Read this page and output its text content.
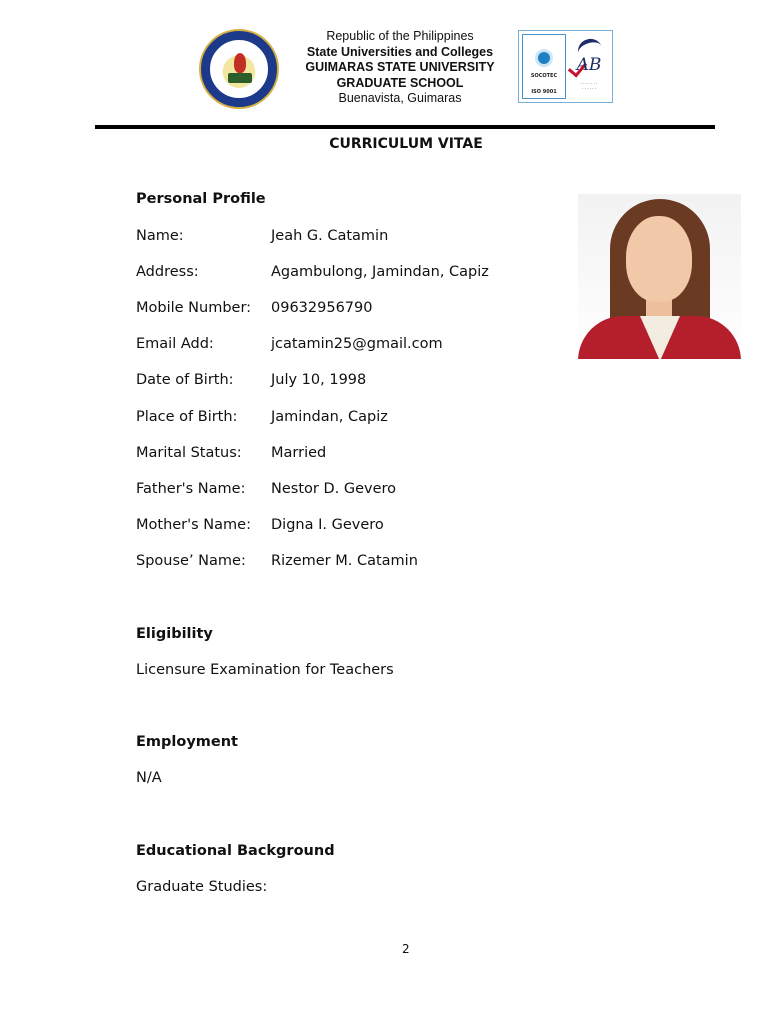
Republic of the Philippines
State Universities and Colleges
GUIMARAS STATE UNIVERSITY
GRADUATE SCHOOL
Buenavista, Guimaras
SOCOTEC
ISO 9001
AB
· · · · · · ·
· · · · · ·
CURRICULUM VITAE
Personal Profile
Name:	Jeah G. Catamin
Address:	Agambulong, Jamindan, Capiz
Mobile Number: 09632956790
Email Add:	jcatamin25@gmail.com
Date of Birth:	July 10, 1998
Place of Birth: Jamindan, Capiz
Marital Status: Married
Father's Name: Nestor D. Gevero
Mother's Name: Digna I. Gevero
Spouse’ Name: Rizemer M. Catamin
Eligibility
Licensure Examination for Teachers
Employment
N/A
Educational Background
Graduate Studies:
2
